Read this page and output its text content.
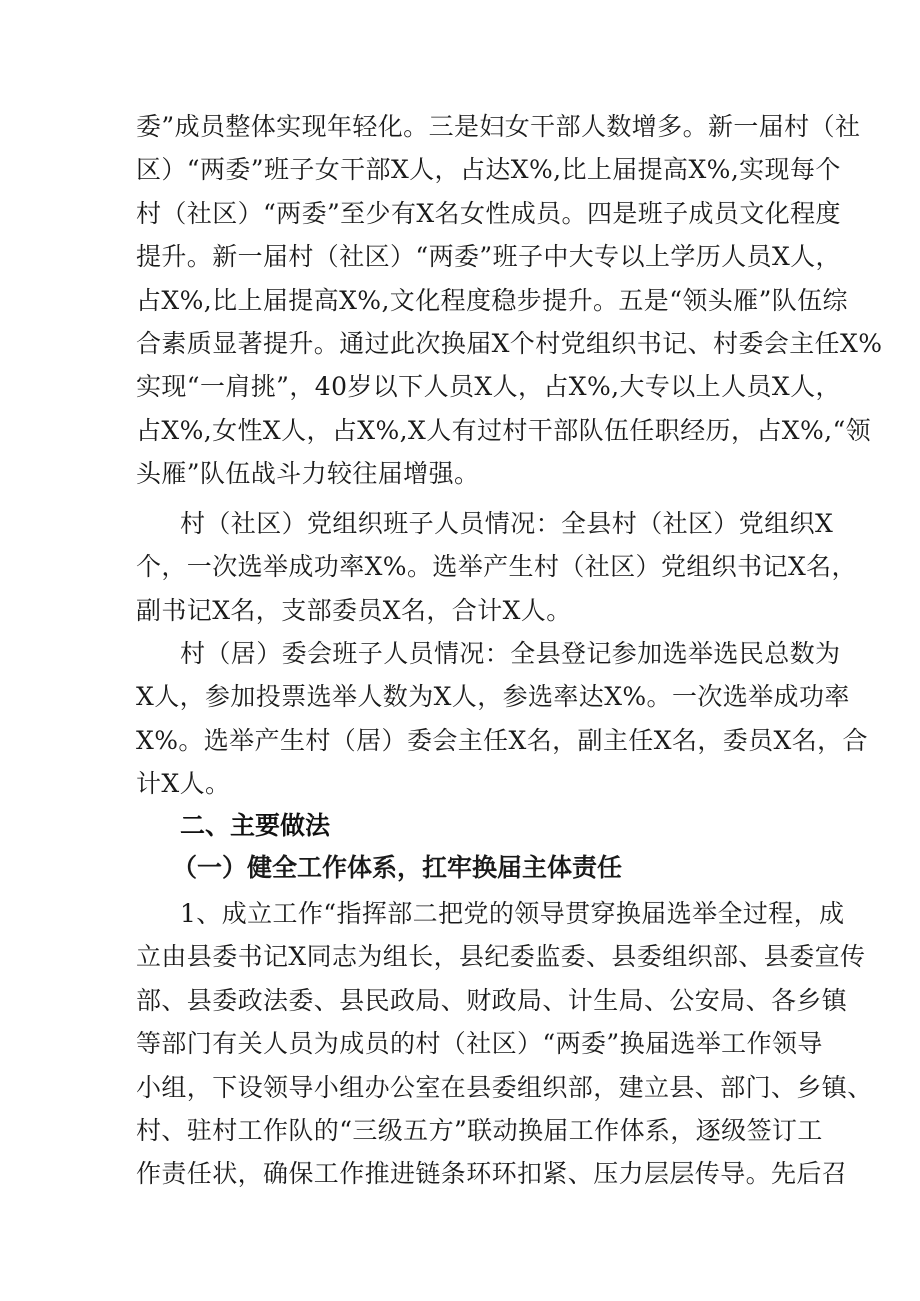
委”成员整体实现年轻化。三是妇女干部人数增多。新一届村（社
区）“两委”班子女干部X人，占达X%,比上届提高X%,实现每个
村（社区）“两委”至少有X名女性成员。四是班子成员文化程度
提升。新一届村（社区）“两委”班子中大专以上学历人员X人，
占X%,比上届提高X%,文化程度稳步提升。五是“领头雁”队伍综
合素质显著提升。通过此次换届X个村党组织书记、村委会主任X%
实现“一肩挑”，40岁以下人员X人，占X%,大专以上人员X人，
占X%,女性X人，占X%,X人有过村干部队伍任职经历，占X%,“领
头雁”队伍战斗力较往届增强。
村（社区）党组织班子人员情况：全县村（社区）党组织X
个，一次选举成功率X%。选举产生村（社区）党组织书记X名，
副书记X名，支部委员X名，合计X人。
村（居）委会班子人员情况：全县登记参加选举选民总数为
X人，参加投票选举人数为X人，参选率达X%。一次选举成功率
X%。选举产生村（居）委会主任X名，副主任X名，委员X名，合
计X人。
二、主要做法
（一）健全工作体系，扛牢换届主体责任
1、成立工作“指挥部二把党的领导贯穿换届选举全过程，成
立由县委书记X同志为组长，县纪委监委、县委组织部、县委宣传
部、县委政法委、县民政局、财政局、计生局、公安局、各乡镇
等部门有关人员为成员的村（社区）“两委”换届选举工作领导
小组，下设领导小组办公室在县委组织部，建立县、部门、乡镇、
村、驻村工作队的“三级五方”联动换届工作体系，逐级签订工
作责任状，确保工作推进链条环环扣紧、压力层层传导。先后召
